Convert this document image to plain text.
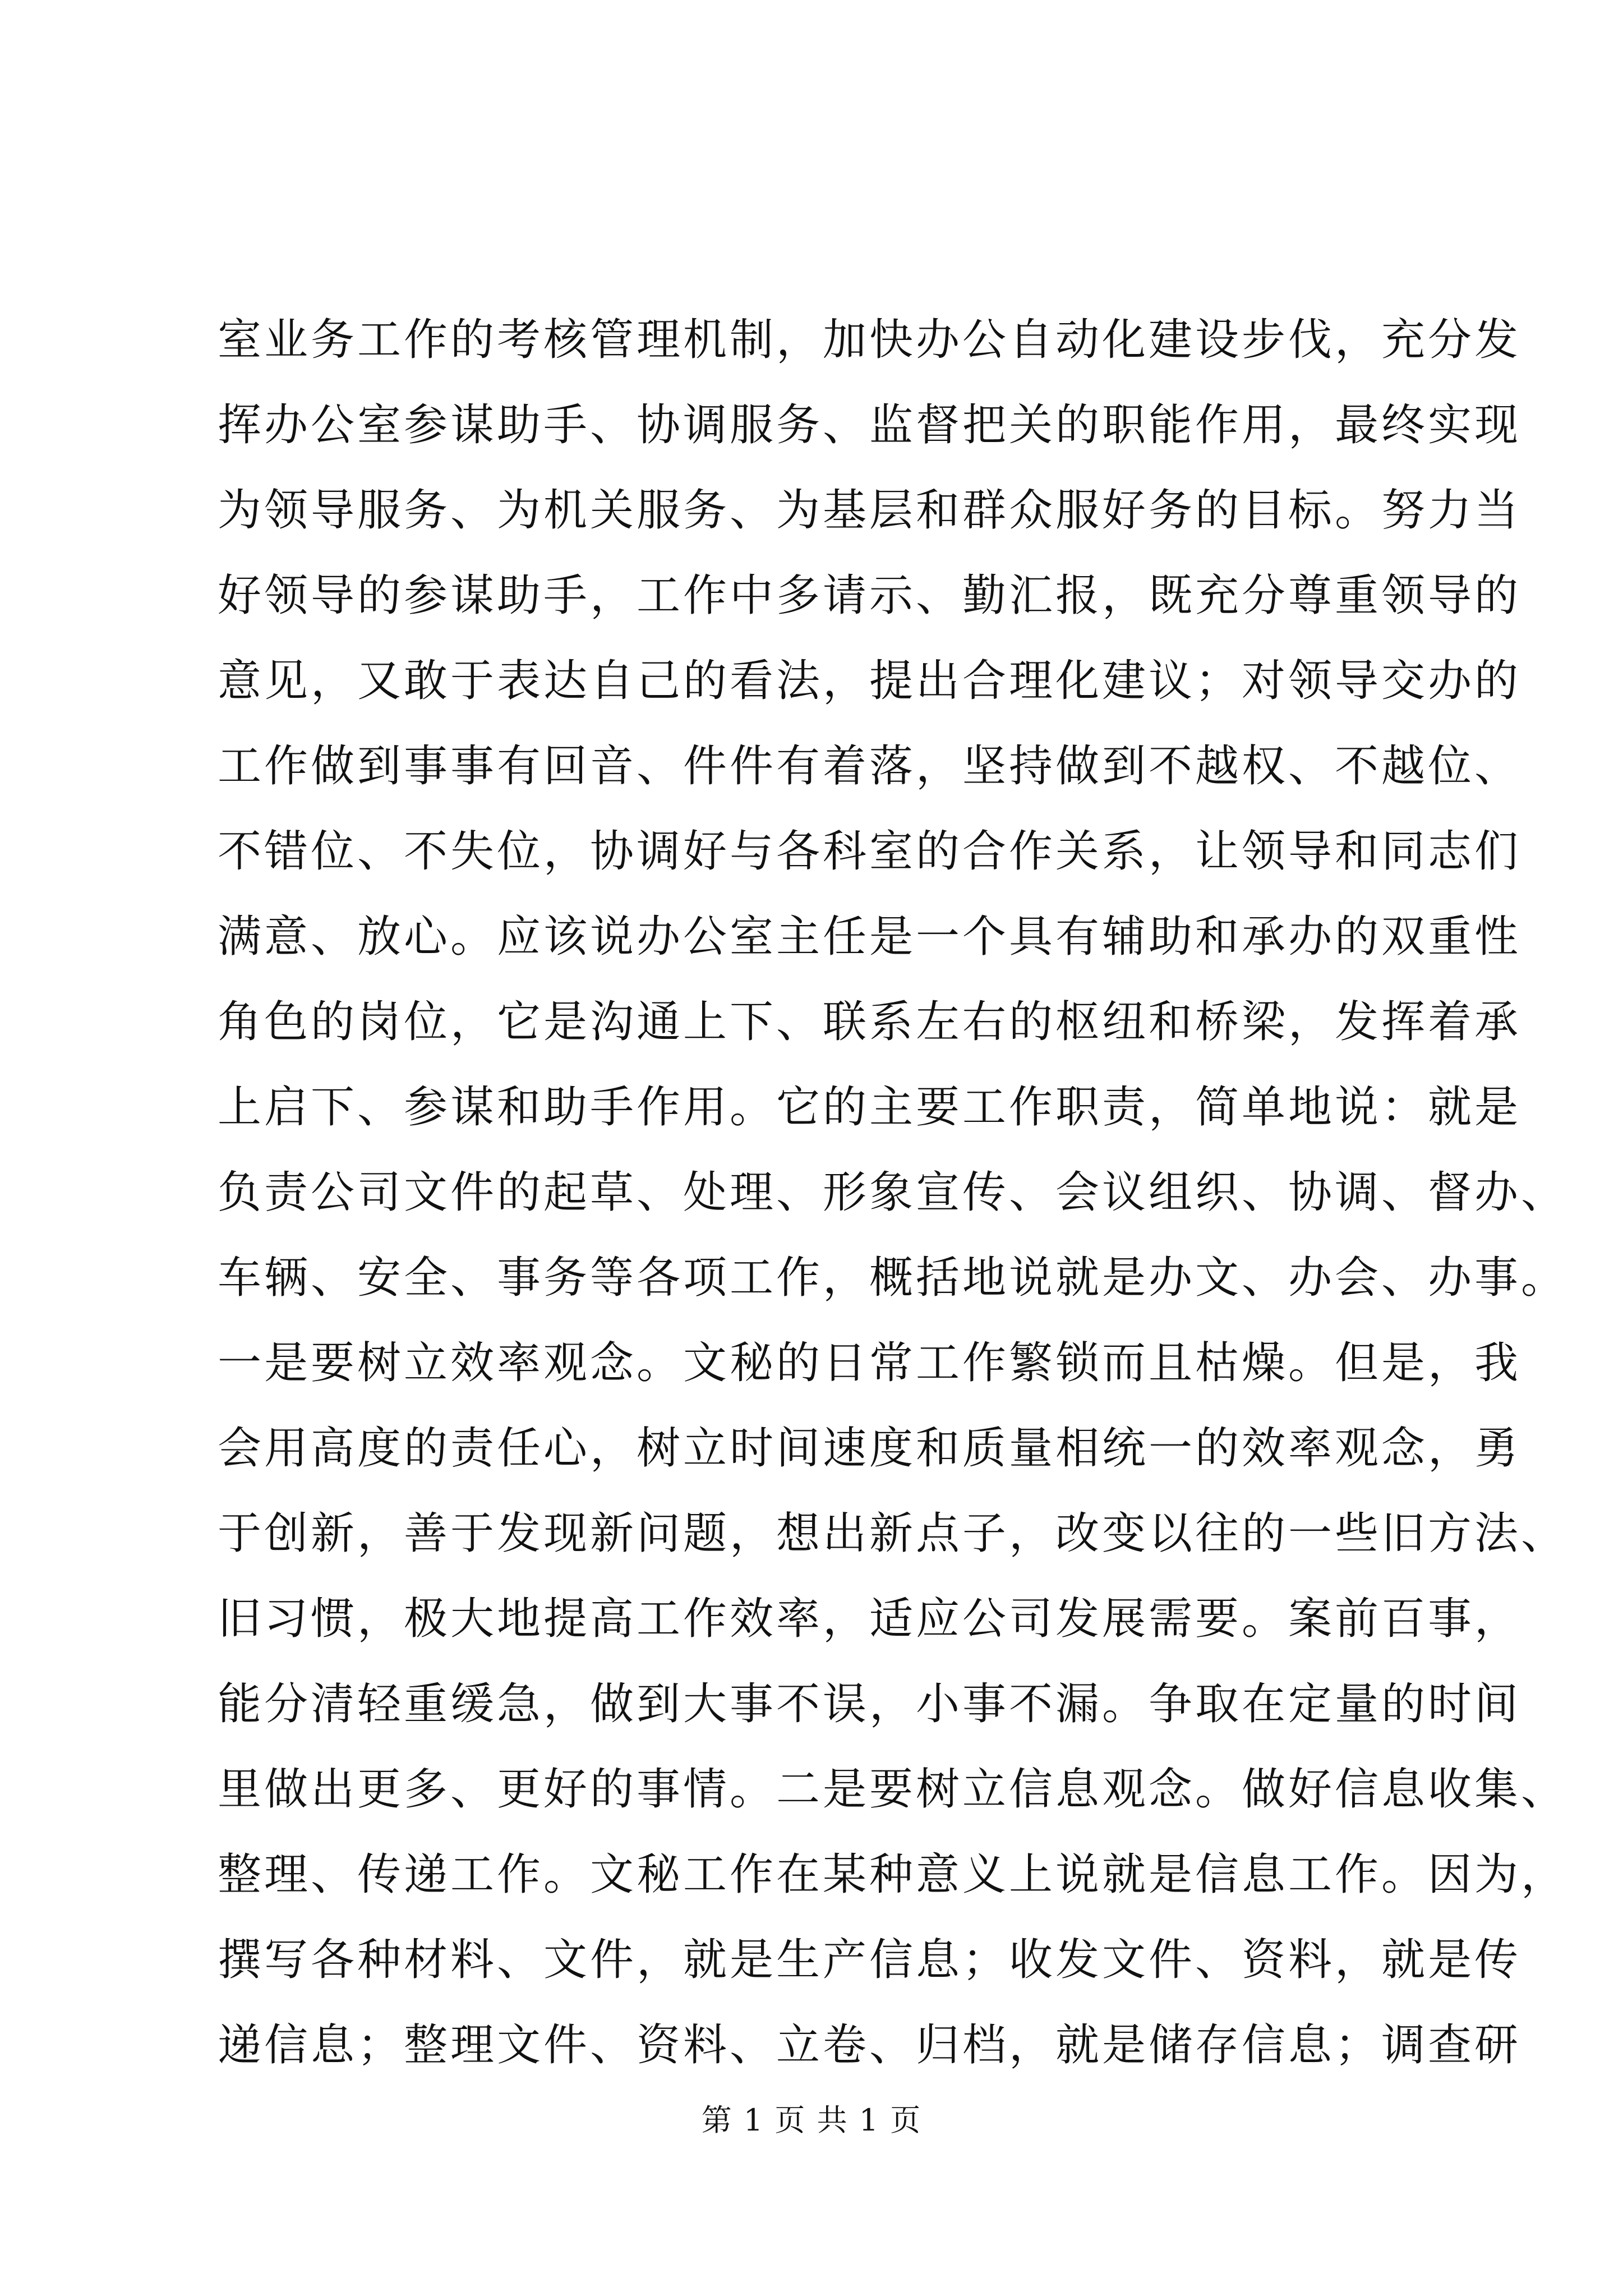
室业务工作的考核管理机制，加快办公自动化建设步伐，充分发
挥办公室参谋助手、协调服务、监督把关的职能作用，最终实现
为领导服务、为机关服务、为基层和群众服好务的目标。努力当
好领导的参谋助手，工作中多请示、勤汇报，既充分尊重领导的
意见，又敢于表达自己的看法，提出合理化建议；对领导交办的
工作做到事事有回音、件件有着落，坚持做到不越权、不越位、
不错位、不失位，协调好与各科室的合作关系，让领导和同志们
满意、放心。应该说办公室主任是一个具有辅助和承办的双重性
角色的岗位，它是沟通上下、联系左右的枢纽和桥梁，发挥着承
上启下、参谋和助手作用。它的主要工作职责，简单地说：就是
负责公司文件的起草、处理、形象宣传、会议组织、协调、督办、
车辆、安全、事务等各项工作，概括地说就是办文、办会、办事。
一是要树立效率观念。文秘的日常工作繁锁而且枯燥。但是，我
会用高度的责任心，树立时间速度和质量相统一的效率观念，勇
于创新，善于发现新问题，想出新点子，改变以往的一些旧方法、
旧习惯，极大地提高工作效率，适应公司发展需要。案前百事，
能分清轻重缓急，做到大事不误，小事不漏。争取在定量的时间
里做出更多、更好的事情。二是要树立信息观念。做好信息收集、
整理、传递工作。文秘工作在某种意义上说就是信息工作。因为，
撰写各种材料、文件，就是生产信息；收发文件、资料，就是传
递信息；整理文件、资料、立卷、归档，就是储存信息；调查研
第 1 页 共 1 页
